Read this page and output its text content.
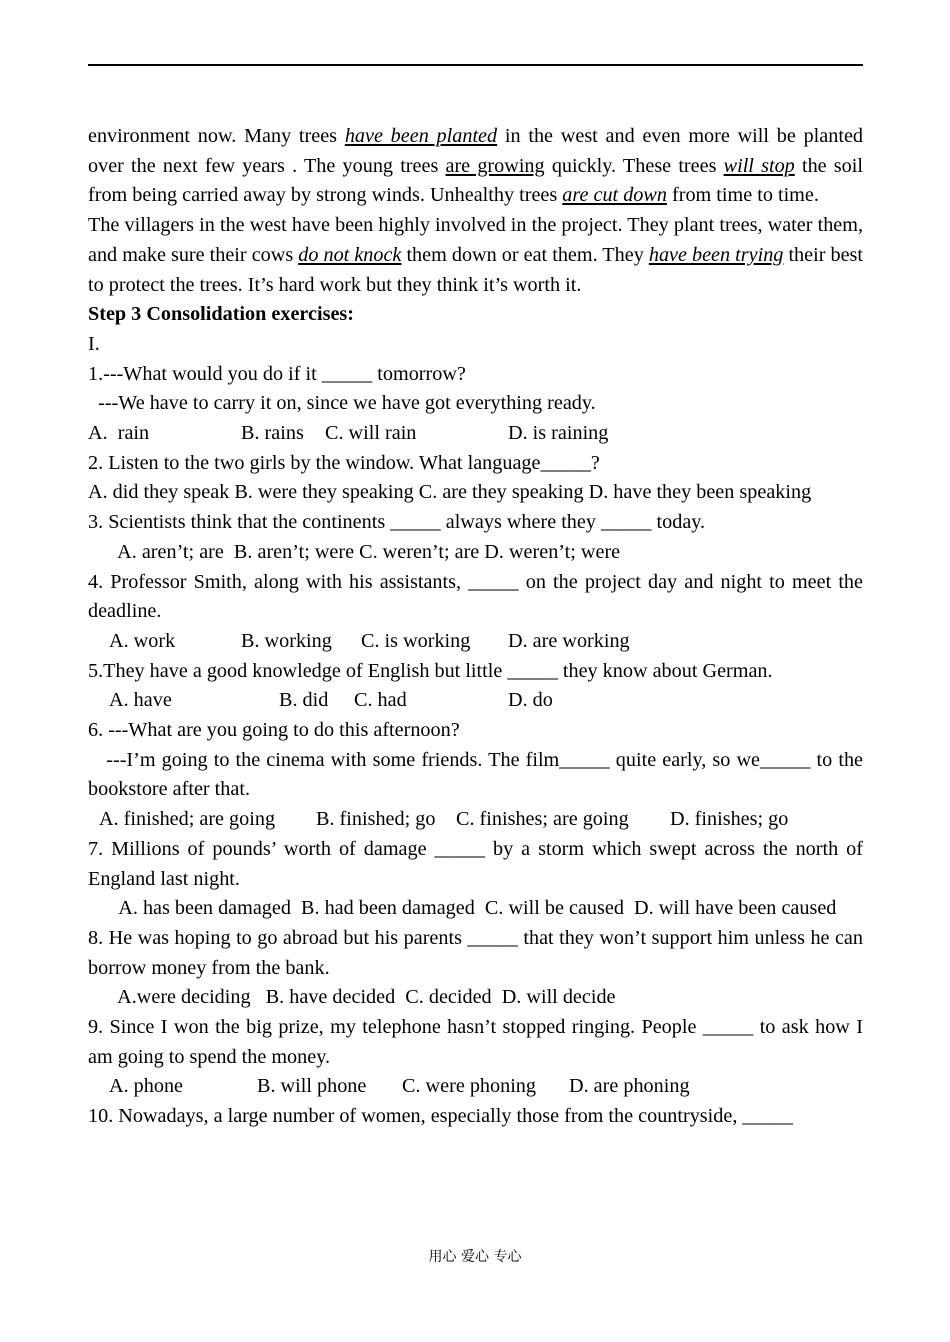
environment now. Many trees have been planted in the west and even more will be planted over the next few years . The young trees are growing quickly. These trees will stop the soil from being carried away by strong winds. Unhealthy trees are cut down from time to time.
The villagers in the west have been highly involved in the project. They plant trees, water them, and make sure their cows do not knock them down or eat them. They have been trying their best to protect the trees. It’s hard work but they think it’s worth it.
Step 3 Consolidation exercises:
I.
1.---What would you do if it _____ tomorrow?
---We have to carry it on, since we have got everything ready.

A.  rain

	B. rains

C. will rain

	D. is raining

2. Listen to the two girls by the window. What language_____?
A. did they speak B. were they speaking C. are they speaking D. have they been speaking
3. Scientists think that the continents _____ always where they _____ today.
A. aren’t; are  B. aren’t; were C. weren’t; are D. weren’t; were
4. Professor Smith, along with his assistants, _____ on the project day and night to meet the deadline.

A. work

	B. working

C. is working

D. are working

5.They have a good knowledge of English but little _____ they know about German.

A. have

	B. did

C. had

	D. do

6. ---What are you going to do this afternoon?
---I’m going to the cinema with some friends. The film_____ quite early, so we_____ to the bookstore after that.

A. finished; are going

B. finished; go

C. finishes; are going

D. finishes; go

7. Millions of pounds’ worth of damage _____ by a storm which swept across the north of England last night.
A. has been damaged  B. had been damaged  C. will be caused  D. will have been caused
8. He was hoping to go abroad but his parents _____ that they won’t support him unless he can borrow money from the bank.
A.were deciding   B. have decided  C. decided  D. will decide
9. Since I won the big prize, my telephone hasn’t stopped ringing. People _____ to ask how I am going to spend the money.

A. phone

	B. will phone

C. were phoning

D. are phoning

10. Nowadays, a large number of women, especially those from the countryside, _____
用心 爱心 专心
